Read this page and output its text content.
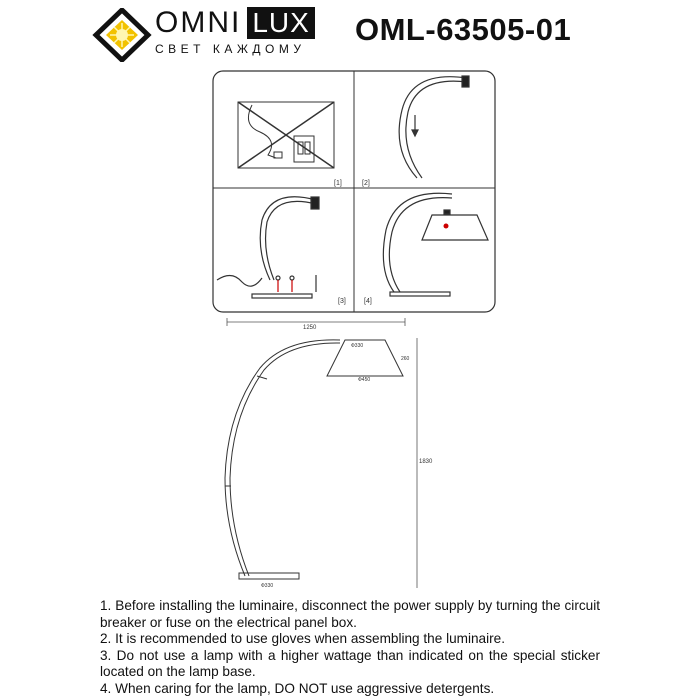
OMNI LUX
СВЕТ КАЖДОМУ
OML-63505-01
[1]	[2]
[3]	[4]
1250
1830
Ф330
260
Ф450
Ф330

1. Before installing the luminaire, disconnect the power supply by turning the circuit breaker or fuse on the electrical panel box.

2. It is recommended to use gloves when assembling the luminaire.

3. Do not use a lamp with a higher wattage than indicated on the special sticker located on the lamp base.

4. When caring for the lamp, DO NOT use aggressive detergents.
